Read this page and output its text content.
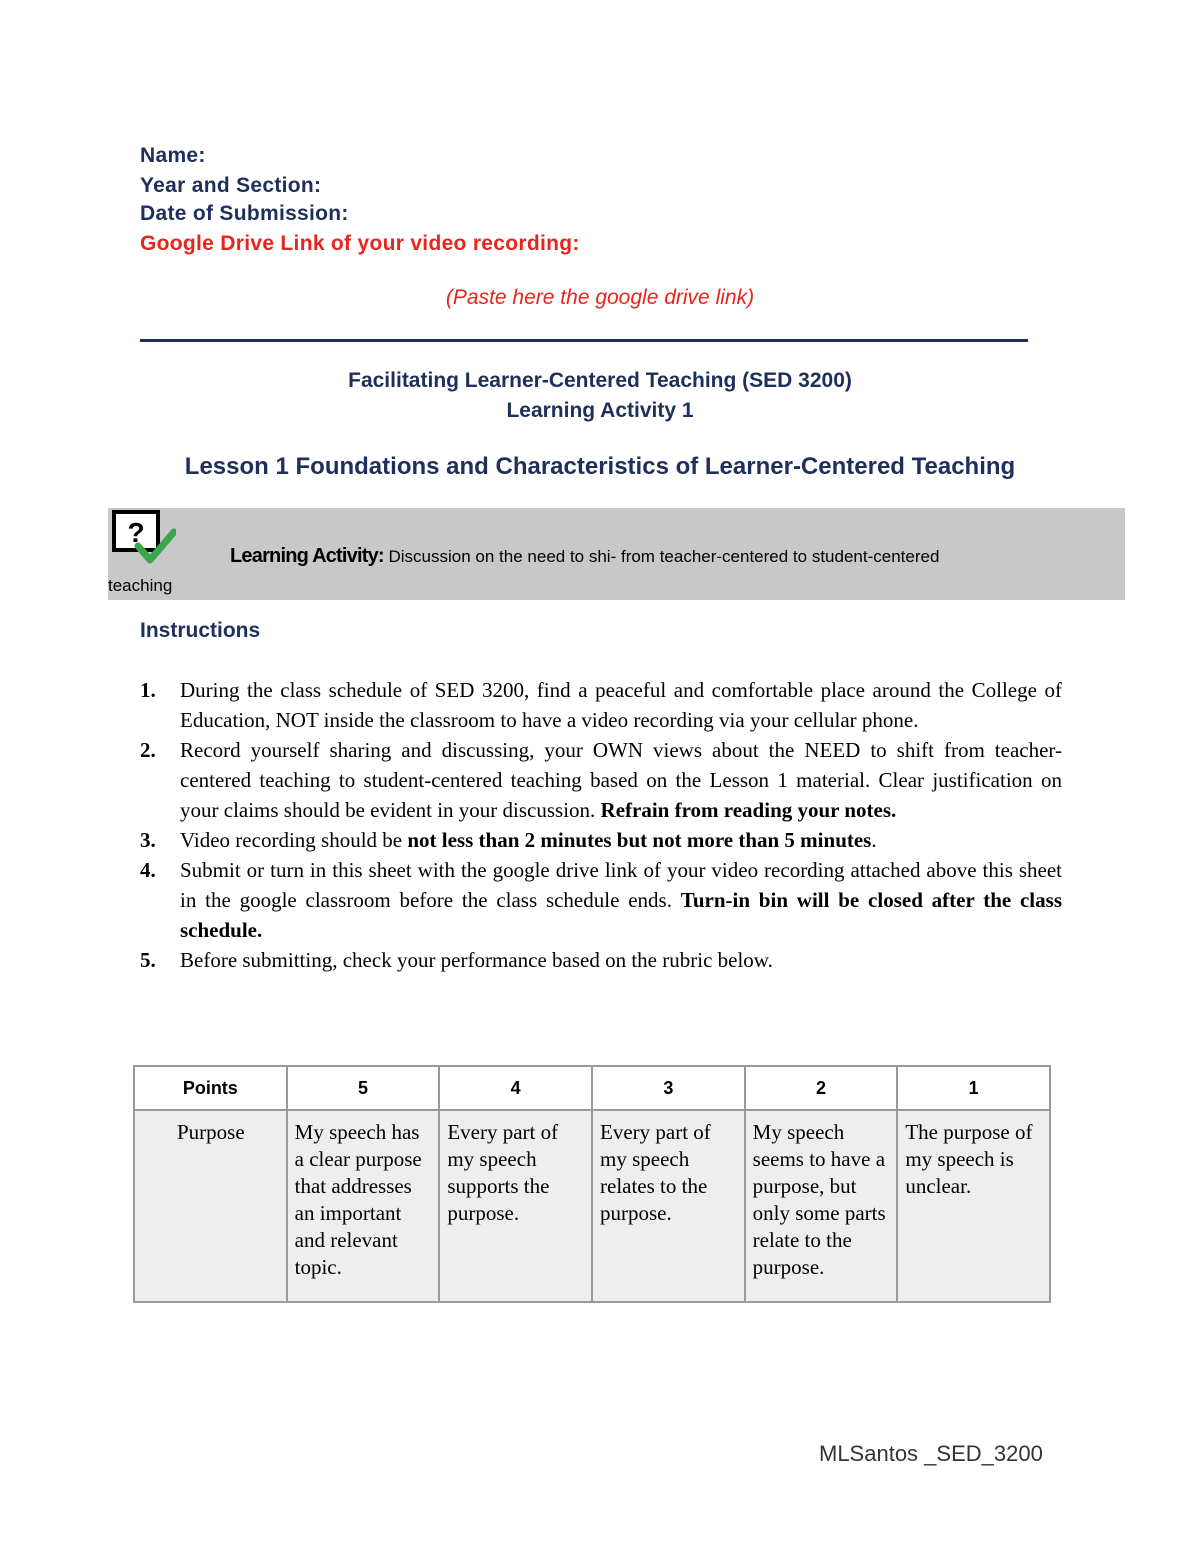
Name:
Year and Section:
Date of Submission:
Google Drive Link of your video recording:
(Paste here the google drive link)
Facilitating Learner-Centered Teaching (SED 3200)
Learning Activity 1
Lesson 1 Foundations and Characteristics of Learner-Centered Teaching
?
Learning Activity: Discussion on the need to shi‐ from teacher-centered to student-centered
teaching
Instructions
1. During the class schedule of SED 3200, find a peaceful and comfortable place around the College of Education, NOT inside the classroom to have a video recording via your cellular phone.
2. Record yourself sharing and discussing, your OWN views about the NEED to shift from teacher-centered teaching to student-centered teaching based on the Lesson 1 material. Clear justification on your claims should be evident in your discussion. Refrain from reading your notes.
3. Video recording should be not less than 2 minutes but not more than 5 minutes.
4. Submit or turn in this sheet with the google drive link of your video recording attached above this sheet in the google classroom before the class schedule ends. Turn-in bin will be closed after the class schedule.
5. Before submitting, check your performance based on the rubric below.
Points	5	4	3	2	1
Purpose	My speech has a clear purpose that addresses an important and relevant topic.	Every part of my speech supports the purpose.	Every part of my speech relates to the purpose.	My speech seems to have a purpose, but only some parts relate to the purpose.	The purpose of my speech is unclear.
MLSantos _SED_3200
